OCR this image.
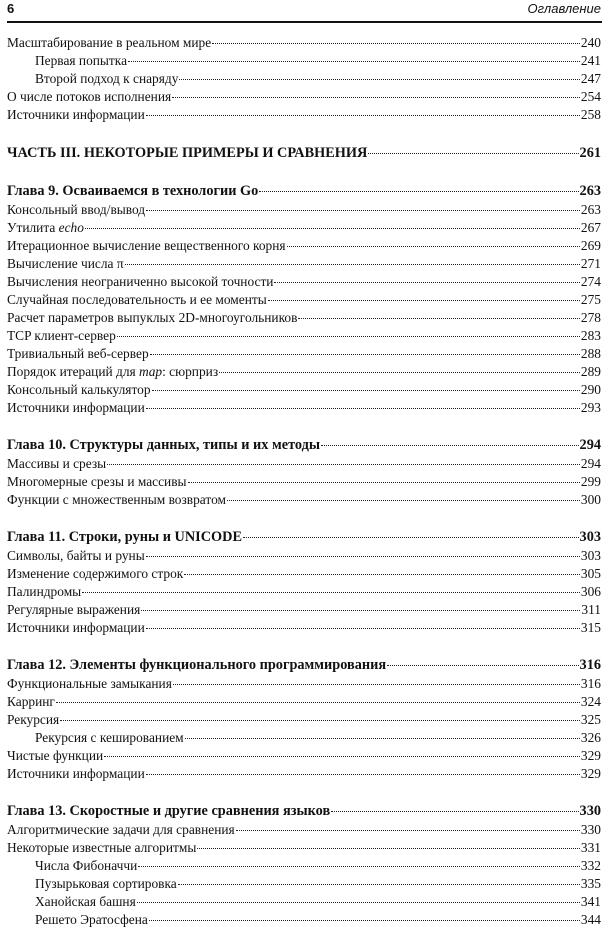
6	Оглавление
Масштабирование в реальном мире	240
Первая попытка	241
Второй подход к снаряду	247
О числе потоков исполнения	254
Источники информации	258
ЧАСТЬ III. НЕКОТОРЫЕ ПРИМЕРЫ И СРАВНЕНИЯ	261
Глава 9. Осваиваемся в технологии Go	263
Консольный ввод/вывод	263
Утилита echo	267
Итерационное вычисление вещественного корня	269
Вычисление числа π	271
Вычисления неограниченно высокой точности	274
Случайная последовательность и ее моменты	275
Расчет параметров выпуклых 2D-многоугольников	278
TCP клиент-сервер	283
Тривиальный веб-сервер	288
Порядок итераций для map: сюрприз	289
Консольный калькулятор	290
Источники информации	293
Глава 10. Структуры данных, типы и их методы	294
Массивы и срезы	294
Многомерные срезы и массивы	299
Функции с множественным возвратом	300
Глава 11. Строки, руны и UNICODE	303
Символы, байты и руны	303
Изменение содержимого строк	305
Палиндромы	306
Регулярные выражения	311
Источники информации	315
Глава 12. Элементы функционального программирования	316
Функциональные замыкания	316
Карринг	324
Рекурсия	325
Рекурсия с кешированием	326
Чистые функции	329
Источники информации	329
Глава 13. Скоростные и другие сравнения языков	330
Алгоритмические задачи для сравнения	330
Некоторые известные алгоритмы	331
Числа Фибоначчи	332
Пузырьковая сортировка	335
Ханойская башня	341
Решето Эратосфена	344
